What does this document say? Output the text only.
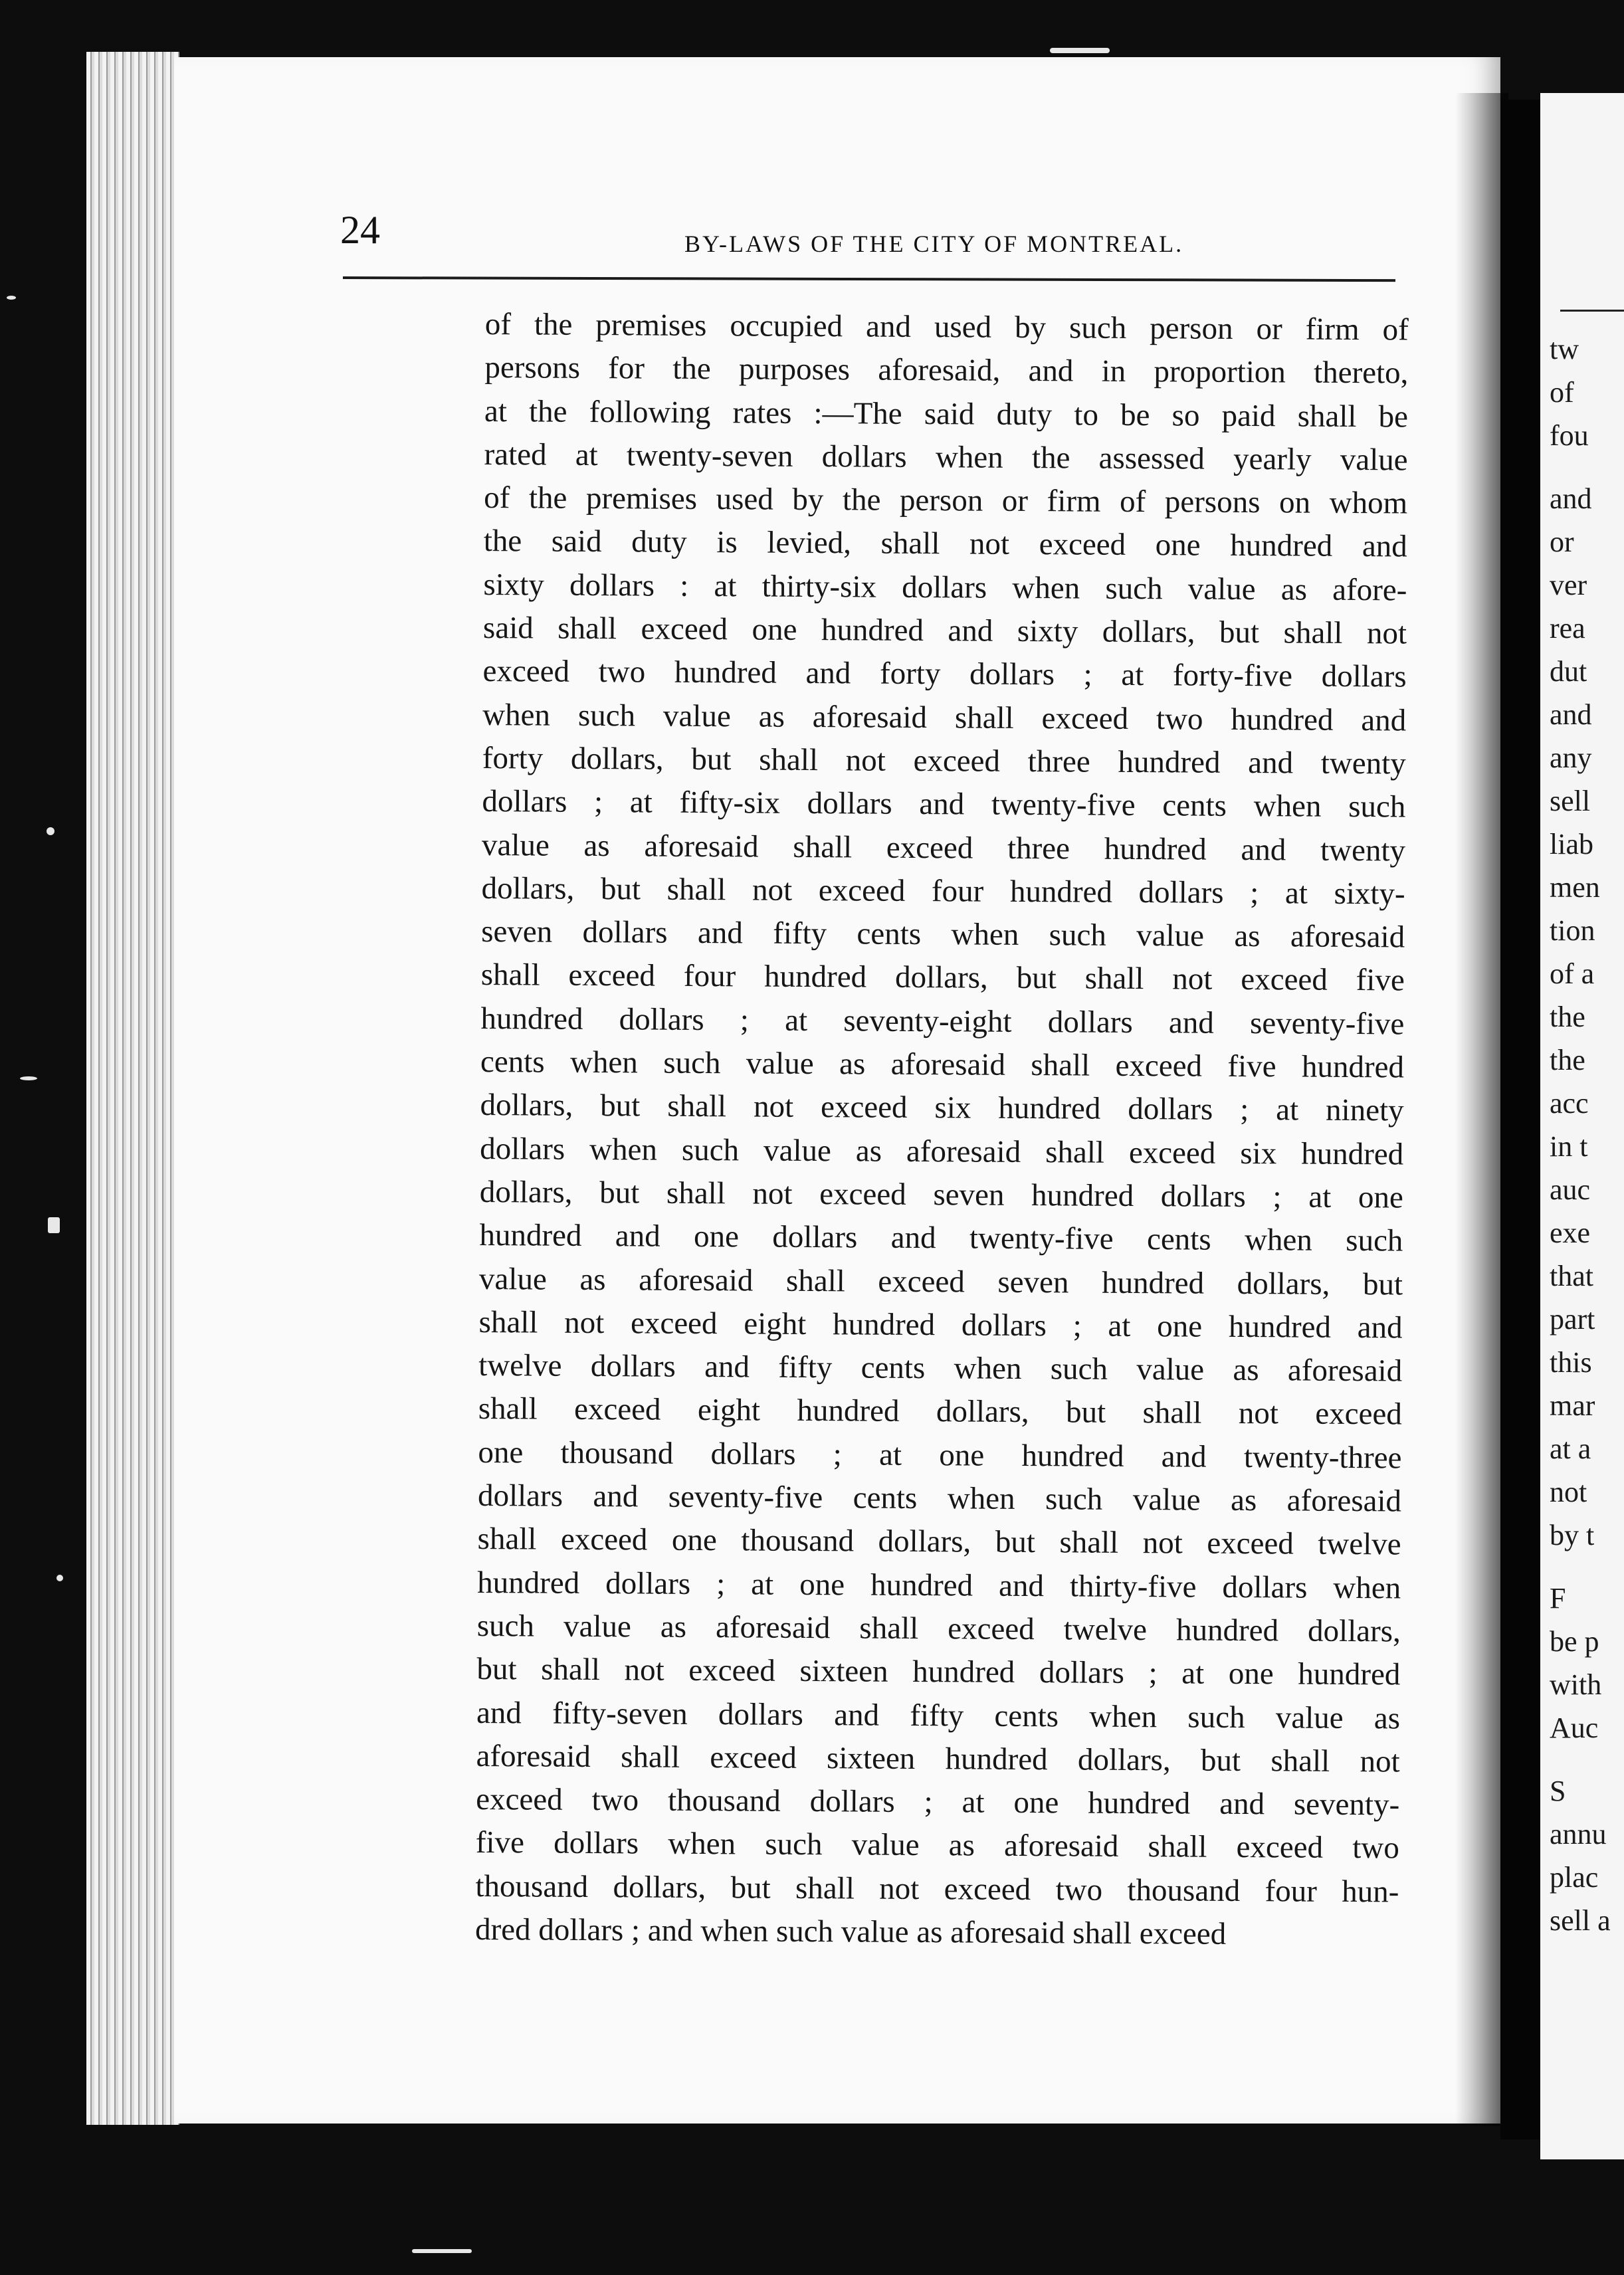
tw
of
fou
and
or
ver
rea
dut
and
any
sell
liab
men
tion
of a
the
the
acc
in t
auc
exe
that
part
this
mar
at a
not
by t
F
be p
with
Auc
S
annu
plac
sell a
24	BY-LAWS OF THE CITY OF MONTREAL.
of the premises occupied and used by such person or firm of
persons for the purposes aforesaid, and in proportion thereto,
at the following rates :—The said duty to be so paid shall be
rated at twenty-seven dollars when the assessed yearly value
of the premises used by the person or firm of persons on whom
the said duty is levied, shall not exceed one hundred and
sixty dollars : at thirty-six dollars when such value as afore-
said shall exceed one hundred and sixty dollars, but shall not
exceed two hundred and forty dollars ; at forty-five dollars
when such value as aforesaid shall exceed two hundred and
forty dollars, but shall not exceed three hundred and twenty
dollars ; at fifty-six dollars and twenty-five cents when such
value as aforesaid shall exceed three hundred and twenty
dollars, but shall not exceed four hundred dollars ; at sixty-
seven dollars and fifty cents when such value as aforesaid
shall exceed four hundred dollars, but shall not exceed five
hundred dollars ; at seventy-eight dollars and seventy-five
cents when such value as aforesaid shall exceed five hundred
dollars, but shall not exceed six hundred dollars ; at ninety
dollars when such value as aforesaid shall exceed six hundred
dollars, but shall not exceed seven hundred dollars ; at one
hundred and one dollars and twenty-five cents when such
value as aforesaid shall exceed seven hundred dollars, but
shall not exceed eight hundred dollars ; at one hundred and
twelve dollars and fifty cents when such value as aforesaid
shall exceed eight hundred dollars, but shall not exceed
one thousand dollars ; at one hundred and twenty-three
dollars and seventy-five cents when such value as aforesaid
shall exceed one thousand dollars, but shall not exceed twelve
hundred dollars ; at one hundred and thirty-five dollars when
such value as aforesaid shall exceed twelve hundred dollars,
but shall not exceed sixteen hundred dollars ; at one hundred
and fifty-seven dollars and fifty cents when such value as
aforesaid shall exceed sixteen hundred dollars, but shall not
exceed two thousand dollars ; at one hundred and seventy-
five dollars when such value as aforesaid shall exceed two
thousand dollars, but shall not exceed two thousand four hun-
dred dollars ; and when such value as aforesaid shall exceed
